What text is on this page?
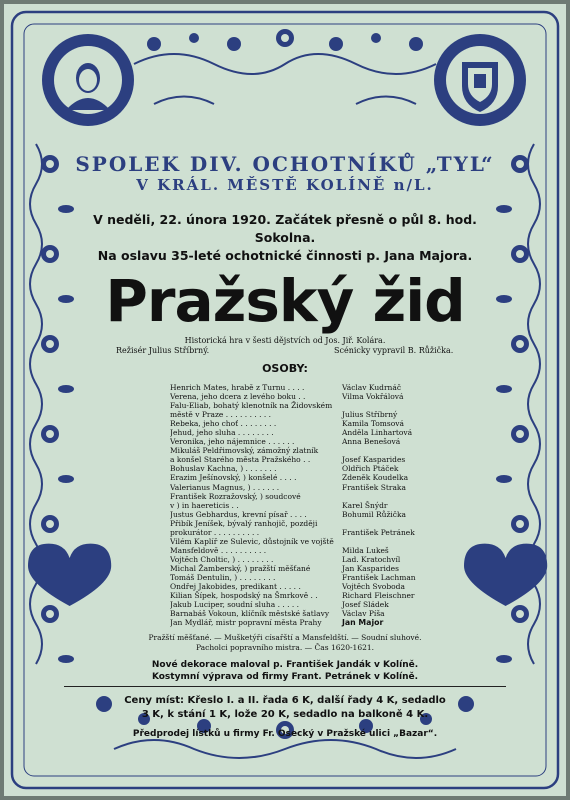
SPOLEK DIV. OCHOTNÍKŮ „TYL“
V KRÁL. MĚSTĚ KOLÍNĚ n/L.
V neděli, 22. února 1920. Začátek přesně o půl 8. hod.
Sokolna.
Na oslavu 35-leté ochotnické činnosti p. Jana Majora.
Pražský žid
Historická hra v šesti dějstvích od Jos. Jiř. Kolára.
Režisér Julius Stříbrný.	Scénicky vypravil B. Růžička.
OSOBY:
Henrich Mates, hrabě z Turnu . . . .	Václav Kudrnáč
Verena, jeho dcera z levého boku . .	Vilma Vokřálová
Falu-Eliab, bohatý klenotník na Židovském
městě v Praze . . . . . . . . . .	Julius Stříbrný
Rebeka, jeho choť . . . . . . . .	Kamila Tomsová
Jehud, jeho sluha . . . . . . . .	Anděla Linhartová
Veronika, jeho nájemnice . . . . . .	Anna Benešová
Mikuláš Peldřimovský, zámožný zlatník
a konšel Starého města Pražského . .	Josef Kasparides
Bohuslav Kachna, ) . . . . . . .	Oldřich Ptáček
Erazim Ješínovský, ) konšelé . . . .	Zdeněk Koudelka
Valerianus Magnus, ) . . . . . .	František Straka
František Rozražovský, ) soudcové
v ) in haereticis . .	Karel Šnýdr
Justus Gebhardus, krevní písař . . . .	Bohumil Růžička
Přibík Jeníšek, bývalý ranhojič, později
prokurátor . . . . . . . . . .	František Petránek
Vilém Kaplíř ze Sulevic, důstojník ve vojště
Mansfeldově . . . . . . . . . .	Milda Lukeš
Vojtěch Choltic, ) . . . . . . . .	Lad. Kratochvíl
Michal Žamberský, ) pražští měšťané	Jan Kasparides
Tomáš Dentulin, ) . . . . . . . .	František Lachman
Ondřej Jakobides, predikant . . . . .	Vojtěch Svoboda
Kilian Šípek, hospodský na Šmrkově . .	Richard Fleischner
Jakub Luciper, soudní sluha . . . . .	Josef Sládek
Barnabáš Vokoun, klíčník městské šatlavy	Václav Píša
Jan Mydlář, mistr popravní města Prahy	Jan Major
Pražští měšťané. — Mušketýři císařští a Mansfeldští. — Soudní sluhové.
Pacholci popravního mistra. — Čas 1620-1621.
Nové dekorace maloval p. František Jandák v Kolíně.
Kostymní výprava od firmy Frant. Petránek v Kolíně.
Ceny míst: Křeslo I. a II. řada 6 K, další řady 4 K, sedadlo
3 K, k stání 1 K, lože 20 K, sedadlo na balkoně 4 K.
Předprodej lístků u firmy Fr. Osecký v Pražské ulici „Bazar“.
